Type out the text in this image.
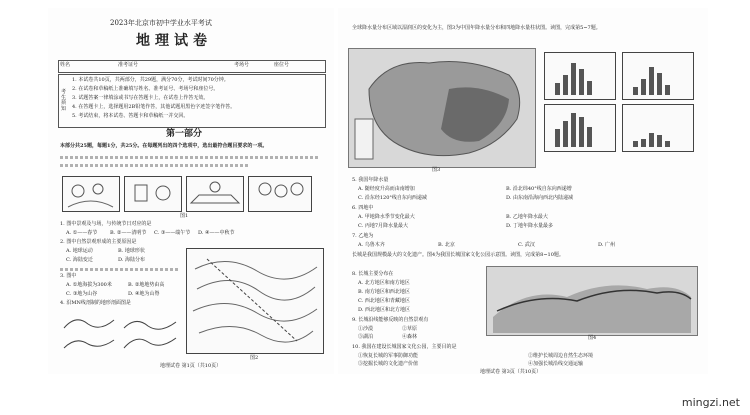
2023年北京市初中学业水平考试
地理试卷
姓名	准考证号	考场号	座位号
考生须知
1. 本试卷共10页，共两部分，共29题，满分70分，考试时间70分钟。
2. 在试卷和草稿纸上准确填写姓名、准考证号、考场号和座位号。
3. 试题答案一律填涂或书写在答题卡上，在试卷上作答无效。
4. 在答题卡上，选择题用2B铅笔作答，其他试题用黑色字迹签字笔作答。
5. 考试结束，将本试卷、答题卡和草稿纸一并交回。
第一部分
本部分共25题，每题1分，共25分。在每题列出的四个选项中，选出最符合题目要求的一项。
图1
1. 图中景观及与场，与传统节日对应的是
A. ①——春节	B. ②——清明节 C. ③——端午节 D. ④——中秋节
2. 图中自然景观形成的主要原因是
A. 地球运动	B. 地球形状
C. 海陆变迁	D. 海陆分布
3. 图中
A. ①地海拔为300米	B. ②地地势由高
C. ③地为山谷	D. ④地为山脊
4. 沿MN线剖制的地形剖面图是
图2
地理试卷 第1页（共10页）
全球降水量分布区域以湿润区的变化为主，图3为中国年降水量分布和四地降水量柱状图。读图，完成第5~7题。
图3
5. 我国年降水量
A. 随经度升高而由南增加	B. 沿北纬40°线自东向西递增
C. 沿东经120°线自东向西递减	D. 由东南沿海向西北内陆递减
6. 四地中
A. 甲地降水季节变化最大	B. 乙地年降水最大
C. 丙地7月降水量最大	D. 丁地年降水量最多
7. 乙地为
A. 乌鲁木齐	B. 北京	C. 武汉	D. 广州
长城是我国规模最大的文化遗产。图4为我国长城国家文化公园示意图。读图，完成第8~10题。
8. 长城主要分布在
A. 北方地区和南方地区
B. 南方地区和西北地区
C. 西北地区和青藏地区
D. 西北地区和北方地区
9. 长城沿线能够反映的自然景观有
①沙漠	②草原
③湖泊	④森林	图4
10. 我国在建设长城国家文化公园，主要目的是
①恢复长城的军事防御功能	②维护长城周边自然生态环境
③挖掘长城的文化遗产价值	④加强长城沿线交通运输
地理试卷 第3页（共10页）
mingzi.net
